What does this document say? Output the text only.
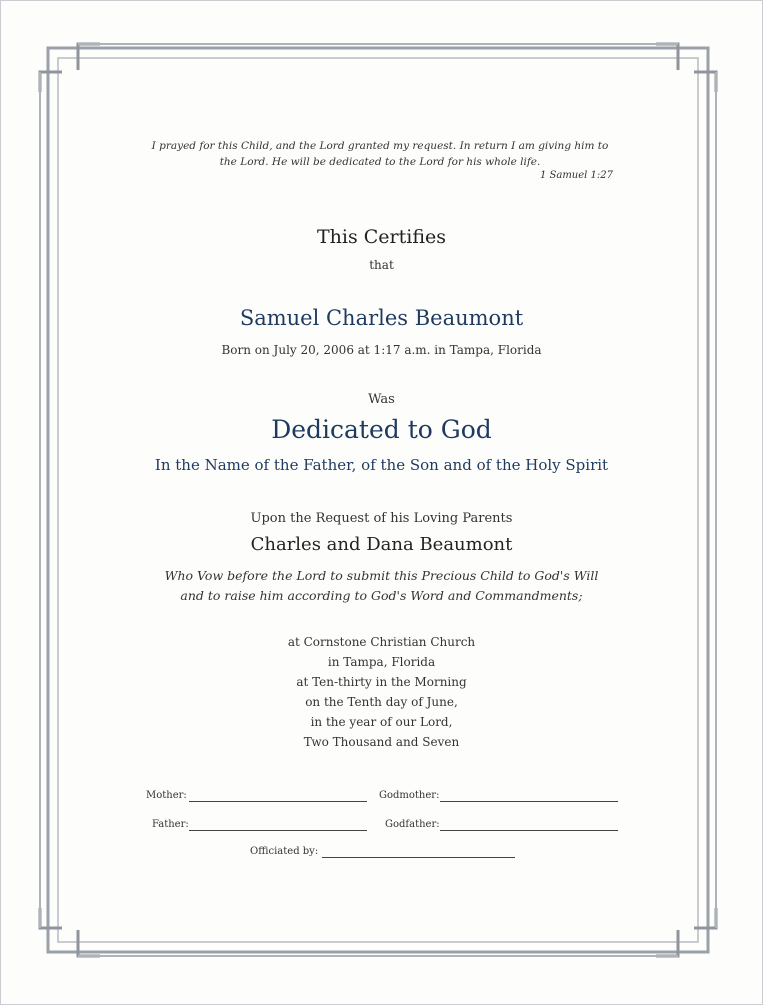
I prayed for this Child, and the Lord granted my request. In return I am giving him to
the Lord. He will be dedicated to the Lord for his whole life.
1 Samuel 1:27
This Certifies
that
Samuel Charles Beaumont
Born on July 20, 2006 at 1:17 a.m. in Tampa, Florida
Was
Dedicated to God
In the Name of the Father, of the Son and of the Holy Spirit
Upon the Request of his Loving Parents
Charles and Dana Beaumont
Who Vow before the Lord to submit this Precious Child to God's Will
and to raise him according to God's Word and Commandments;
at Cornstone Christian Church
in Tampa, Florida
at Ten-thirty in the Morning
on the Tenth day of June,
in the year of our Lord,
Two Thousand and Seven
Mother:	Godmother:
Father:	Godfather:
Officiated by:
